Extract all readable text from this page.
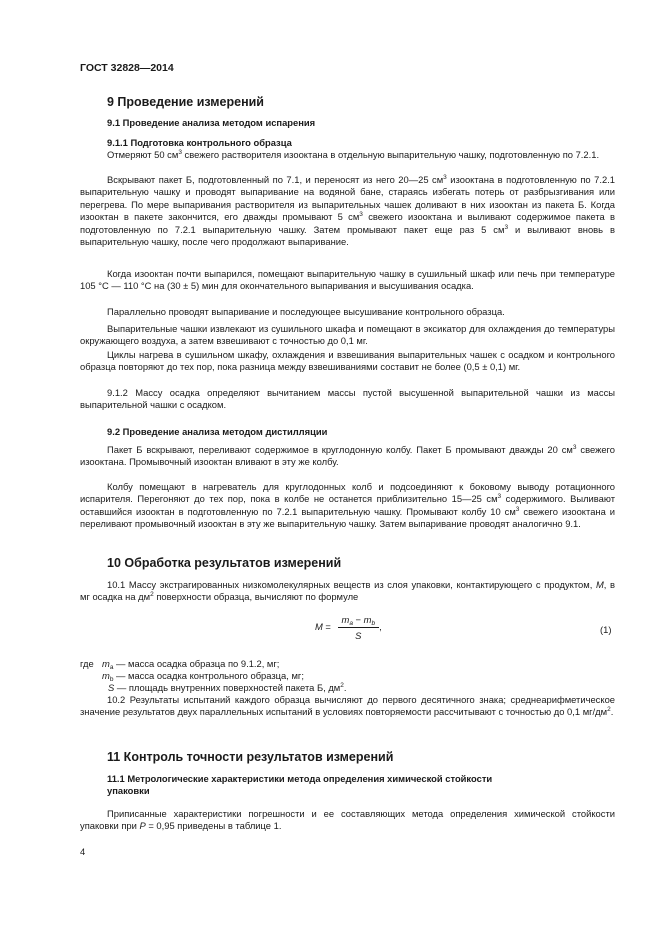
ГОСТ 32828—2014
9 Проведение измерений
9.1 Проведение анализа методом испарения
9.1.1 Подготовка контрольного образца
Отмеряют 50 $см^3$ свежего растворителя изооктана в отдельную выпарительную чашку, подготовленную по 7.2.1.
Вскрывают пакет Б, подготовленный по 7.1, и переносят из него 20—25 $см^3$ изооктана в подготовленную по 7.2.1 выпарительную чашку и проводят выпаривание на водяной бане, стараясь избегать потерь от разбрызгивания или перегрева. По мере выпаривания растворителя из выпарительных чашек доливают в них изооктан из пакета Б. Когда изооктан в пакете закончится, его дважды промывают 5 $см^3$ свежего изооктана и выливают содержимое пакета в подготовленную по 7.2.1 выпарительную чашку. Затем промывают пакет еще раз 5 $см^3$ и выливают вновь в выпарительную чашку, после чего продолжают выпаривание.
Когда изооктан почти выпарился, помещают выпарительную чашку в сушильный шкаф или печь при температуре 105 °С — 110 °С на (30 ± 5) мин для окончательного выпаривания и высушивания осадка.
Параллельно проводят выпаривание и последующее высушивание контрольного образца.
Выпарительные чашки извлекают из сушильного шкафа и помещают в эксикатор для охлаждения до температуры окружающего воздуха, а затем взвешивают с точностью до 0,1 мг.
Циклы нагрева в сушильном шкафу, охлаждения и взвешивания выпарительных чашек с осадком и контрольного образца повторяют до тех пор, пока разница между взвешиваниями составит не более (0,5 ± 0,1) мг.
9.1.2 Массу осадка определяют вычитанием массы пустой высушенной выпарительной чашки из массы выпарительной чашки с осадком.
9.2 Проведение анализа методом дистилляции
Пакет Б вскрывают, переливают содержимое в круглодонную колбу. Пакет Б промывают дважды 20 $см^3$ свежего изооктана. Промывочный изооктан вливают в эту же колбу.
Колбу помещают в нагреватель для круглодонных колб и подсоединяют к боковому выводу ротационного испарителя. Перегоняют до тех пор, пока в колбе не останется приблизительно 15—25 $см^3$ содержимого. Выливают оставшийся изооктан в подготовленную по 7.2.1 выпарительную чашку. Промывают колбу 10 $см^3$ свежего изооктана и переливают промывочный изооктан в эту же выпарительную чашку. Затем выпаривание проводят аналогично 9.1.
10 Обработка результатов измерений
10.1 Массу экстрагированных низкомолекулярных веществ из слоя упаковки, контактирующего с продуктом, М, в мг осадка на $дм^2$ поверхности образца, вычисляют по формуле
$М = \frac{m_a - m_b}{S}$ ,	(1)
где $m_a$ — масса осадка образца по 9.1.2, мг;
$m_b$ — масса осадка контрольного образца, мг;
S — площадь внутренних поверхностей пакета Б, $дм^2$.
10.2 Результаты испытаний каждого образца вычисляют до первого десятичного знака; среднеарифметическое значение результатов двух параллельных испытаний в условиях повторяемости рассчитывают с точностью до 0,1 $мг/дм^2$.
11 Контроль точности результатов измерений
11.1 Метрологические характеристики метода определения химической стойкости
упаковки
Приписанные характеристики погрешности и ее составляющих метода определения химической стойкости упаковки при Р = 0,95 приведены в таблице 1.
4
